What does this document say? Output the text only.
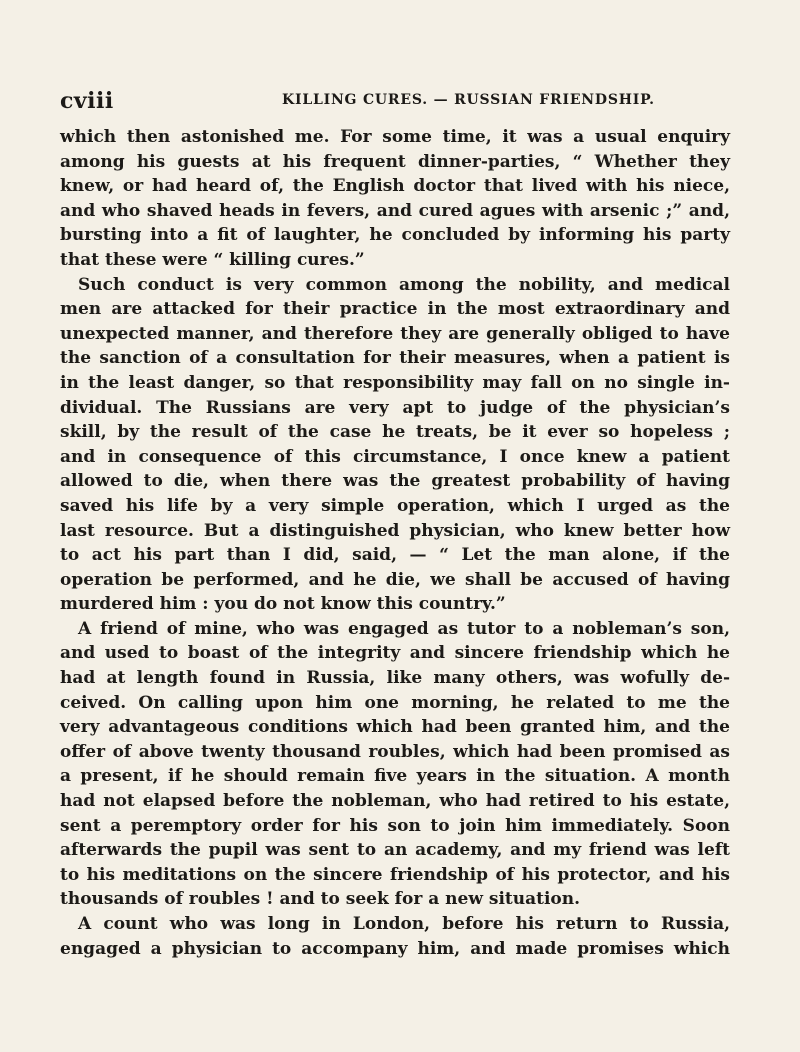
cviii	KILLING CURES. — RUSSIAN FRIENDSHIP.
which then astonished me. For some time, it was a usual enquiry
among his guests at his frequent dinner-parties, “ Whether they
knew, or had heard of, the English doctor that lived with his niece,
and who shaved heads in fevers, and cured agues with arsenic ;” and,
bursting into a fit of laughter, he concluded by informing his party
that these were “ killing cures.”
Such conduct is very common among the nobility, and medical
men are attacked for their practice in the most extraordinary and
unexpected manner, and therefore they are generally obliged to have
the sanction of a consultation for their measures, when a patient is
in the least danger, so that responsibility may fall on no single in-
dividual. The Russians are very apt to judge of the physician’s
skill, by the result of the case he treats, be it ever so hopeless ;
and in consequence of this circumstance, I once knew a patient
allowed to die, when there was the greatest probability of having
saved his life by a very simple operation, which I urged as the
last resource. But a distinguished physician, who knew better how
to act his part than I did, said, — “ Let the man alone, if the
operation be performed, and he die, we shall be accused of having
murdered him : you do not know this country.”
A friend of mine, who was engaged as tutor to a nobleman’s son,
and used to boast of the integrity and sincere friendship which he
had at length found in Russia, like many others, was wofully de-
ceived. On calling upon him one morning, he related to me the
very advantageous conditions which had been granted him, and the
offer of above twenty thousand roubles, which had been promised as
a present, if he should remain five years in the situation. A month
had not elapsed before the nobleman, who had retired to his estate,
sent a peremptory order for his son to join him immediately. Soon
afterwards the pupil was sent to an academy, and my friend was left
to his meditations on the sincere friendship of his protector, and his
thousands of roubles ! and to seek for a new situation.
A count who was long in London, before his return to Russia,
engaged a physician to accompany him, and made promises which
